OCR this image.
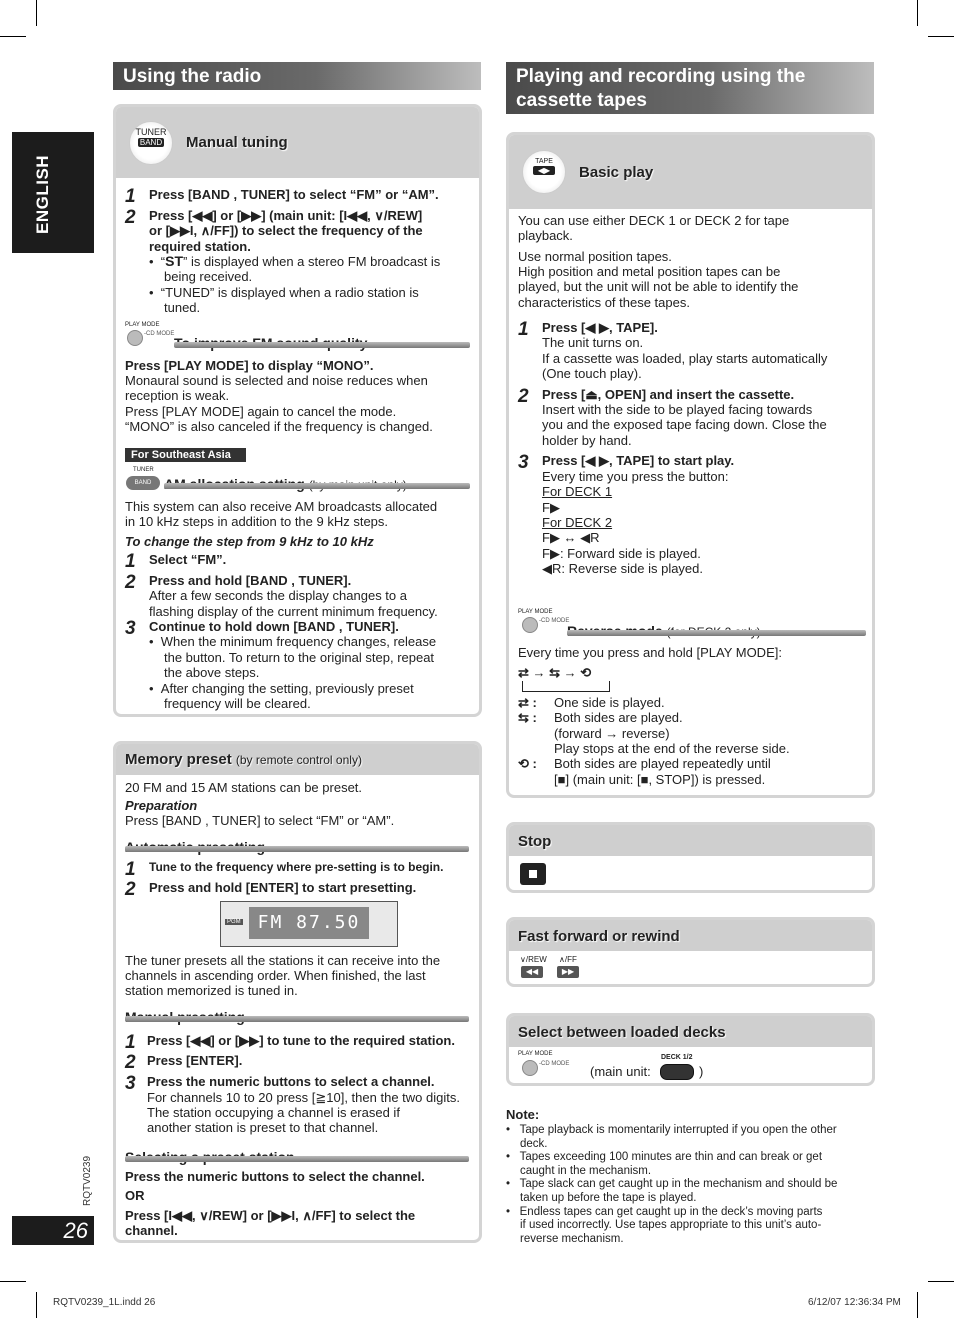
ENGLISH
RQTV0239
26
Using the radio
TUNER
BAND Manual tuning
1 Press [BAND , TUNER] to select “FM” or “AM”.
2 Press [◀◀] or [▶▶] (main unit: [I◀◀, ∨/REW]
or [▶▶I, ∧/FF]) to select the frequency of the
required station.
•  “ST” is displayed when a stereo FM broadcast is
being received.
•  “TUNED” is displayed when a radio station is
tuned.
PLAY MODE
-CD MODE
Press [PLAY MODE] to display “MONO”.
Monaural sound is selected and noise reduces when
reception is weak.
Press [PLAY MODE] again to cancel the mode.
“MONO” is also canceled if the frequency is changed.
For Southeast Asia
TUNER
BAND
This system can also receive AM broadcasts allocated
in 10 kHz steps in addition to the 9 kHz steps.
To change the step from 9 kHz to 10 kHz
1 Select “FM”.
2 Press and hold [BAND , TUNER].
After a few seconds the display changes to a
flashing display of the current minimum frequency.
3 Continue to hold down [BAND , TUNER].
•  When the minimum frequency changes, release
the button. To return to the original step, repeat
the above steps.
•  After changing the setting, previously preset
frequency will be cleared.
Memory preset (by remote control only)
20 FM and 15 AM stations can be preset.
Preparation
Press [BAND , TUNER] to select “FM” or “AM”.
1 Tune to the frequency where pre-setting is to begin.
2 Press and hold [ENTER] to start presetting.
PGM FM 87.50
The tuner presets all the stations it can receive into the
channels in ascending order. When finished, the last
station memorized is tuned in.
1 Press [◀◀] or [▶▶] to tune to the required station.
2 Press [ENTER].
3 Press the numeric buttons to select a channel.
For channels 10 to 20 press [≧10], then the two digits.
The station occupying a channel is erased if
another station is preset to that channel.
Press the numeric buttons to select the channel.
OR
Press [I◀◀, ∨/REW] or [▶▶I, ∧/FF] to select the
channel.
Playing and recording using the
cassette tapes
TAPE
◀▶	Basic play
You can use either DECK 1 or DECK 2 for tape
playback.
Use normal position tapes.
High position and metal position tapes can be
played, but the unit will not be able to identify the
characteristics of these tapes.
1 Press [◀ ▶, TAPE].
The unit turns on.
If a cassette was loaded, play starts automatically
(One touch play).
2 Press [⏏, OPEN] and insert the cassette.
Insert with the side to be played facing towards
you and the exposed tape facing down. Close the
holder by hand.
3 Press [◀ ▶, TAPE] to start play.
Every time you press the button:
For DECK 1
F▶
For DECK 2
F▶ ↔ ◀R
F▶: Forward side is played.
◀R: Reverse side is played.
PLAY MODE
-CD MODE
Every time you press and hold [PLAY MODE]:
⇄ → ⇆ → ⟲
⇄ : One side is played.
⇆ : Both sides are played.
(forward → reverse)
Play stops at the end of the reverse side.
⟲ : Both sides are played repeatedly until
[■] (main unit: [■, STOP]) is pressed.
Stop
Fast forward or rewind
∨/REW
◀◀
∧/FF
▶▶
Select between loaded decks
PLAY MODE
-CD MODE
DECK 1/2
(main unit:	)
Note:
•   Tape playback is momentarily interrupted if you open the other
deck.
•   Tapes exceeding 100 minutes are thin and can break or get
caught in the mechanism.
•   Tape slack can get caught up in the mechanism and should be
taken up before the tape is played.
•   Endless tapes can get caught up in the deck’s moving parts
if used incorrectly. Use tapes appropriate to this unit’s auto-
reverse mechanism.
RQTV0239_1L.indd 26	6/12/07 12:36:34 PM
